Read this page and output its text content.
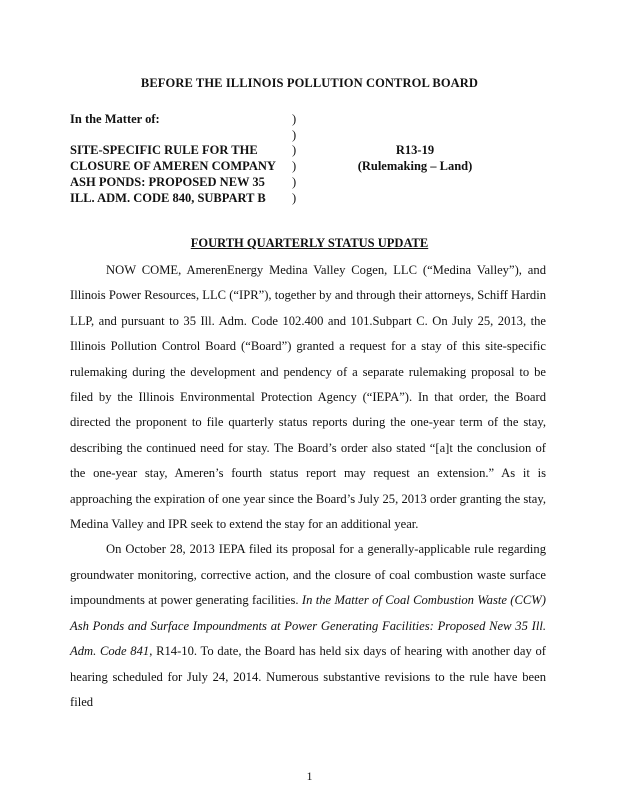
BEFORE THE ILLINOIS POLLUTION CONTROL BOARD
In the Matter of:
SITE-SPECIFIC RULE FOR THE
CLOSURE OF AMEREN COMPANY
ASH PONDS: PROPOSED NEW 35
ILL. ADM. CODE 840, SUBPART B
)
)
)
)
)
)
R13-19
(Rulemaking – Land)
FOURTH QUARTERLY STATUS UPDATE

NOW COME, AmerenEnergy Medina Valley Cogen, LLC (“Medina Valley”), and Illinois Power Resources, LLC (“IPR”), together by and through their attorneys, Schiff Hardin LLP, and pursuant to 35 Ill. Adm. Code 102.400 and 101.Subpart C. On July 25, 2013, the Illinois Pollution Control Board (“Board”) granted a request for a stay of this site-specific rulemaking during the development and pendency of a separate rulemaking proposal to be filed by the Illinois Environmental Protection Agency (“IEPA”). In that order, the Board directed the proponent to file quarterly status reports during the one-year term of the stay, describing the continued need for stay. The Board’s order also stated “[a]t the conclusion of the one-year stay, Ameren’s fourth status report may request an extension.” As it is approaching the expiration of one year since the Board’s July 25, 2013 order granting the stay, Medina Valley and IPR seek to extend the stay for an additional year.

On October 28, 2013 IEPA filed its proposal for a generally-applicable rule regarding groundwater monitoring, corrective action, and the closure of coal combustion waste surface impoundments at power generating facilities. In the Matter of Coal Combustion Waste (CCW) Ash Ponds and Surface Impoundments at Power Generating Facilities: Proposed New 35 Ill. Adm. Code 841, R14-10. To date, the Board has held six days of hearing with another day of hearing scheduled for July 24, 2014. Numerous substantive revisions to the rule have been filed

1
